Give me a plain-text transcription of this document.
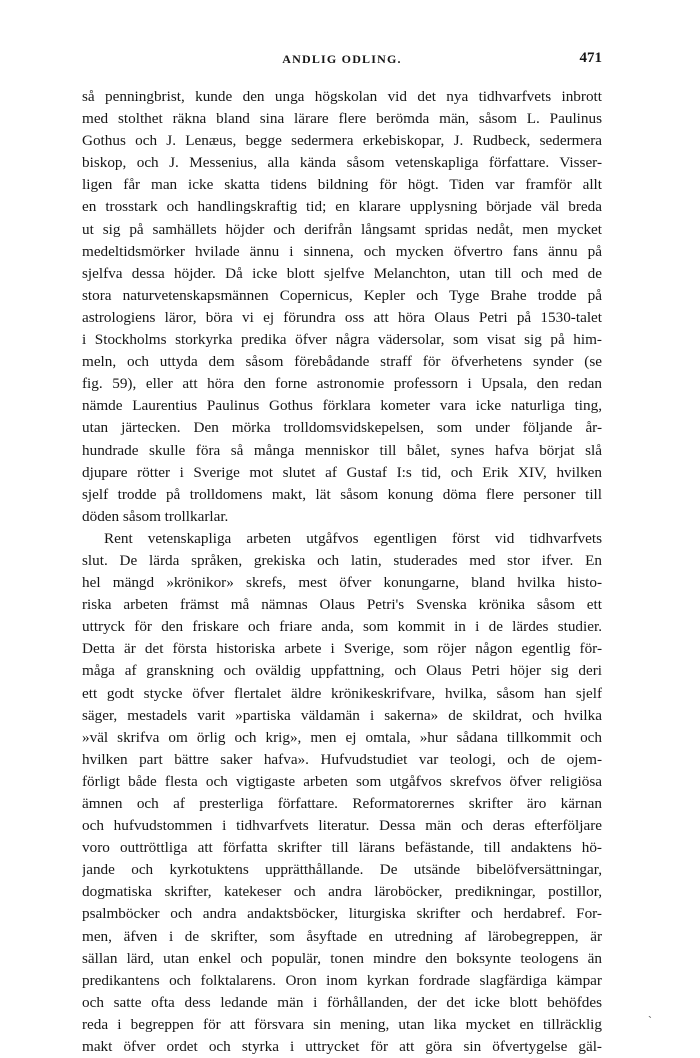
ANDLIG ODLING.	471
så penningbrist, kunde den unga högskolan vid det nya tidhvarfvets inbrott
med stolthet räkna bland sina lärare flere berömda män, såsom L. Paulinus
Gothus och J. Lenæus, begge sedermera erkebiskopar, J. Rudbeck, sedermera
biskop, och J. Messenius, alla kända såsom vetenskapliga författare. Visser-
ligen får man icke skatta tidens bildning för högt. Tiden var framför allt
en trosstark och handlingskraftig tid; en klarare upplysning började väl breda
ut sig på samhällets höjder och derifrån långsamt spridas nedåt, men mycket
medeltidsmörker hvilade ännu i sinnena, och mycken öfvertro fans ännu på
sjelfva dessa höjder. Då icke blott sjelfve Melanchton, utan till och med de
stora naturvetenskapsmännen Copernicus, Kepler och Tyge Brahe trodde på
astrologiens läror, böra vi ej förundra oss att höra Olaus Petri på 1530-talet
i Stockholms storkyrka predika öfver några vädersolar, som visat sig på him-
meln, och uttyda dem såsom förebådande straff för öfverhetens synder (se
fig. 59), eller att höra den forne astronomie professorn i Upsala, den redan
nämde Laurentius Paulinus Gothus förklara kometer vara icke naturliga ting,
utan järtecken. Den mörka trolldomsvidskepelsen, som under följande år-
hundrade skulle föra så många menniskor till bålet, synes hafva börjat slå
djupare rötter i Sverige mot slutet af Gustaf I:s tid, och Erik XIV, hvilken
sjelf trodde på trolldomens makt, lät såsom konung döma flere personer till
döden såsom trollkarlar.
Rent vetenskapliga arbeten utgåfvos egentligen först vid tidhvarfvets
slut. De lärda språken, grekiska och latin, studerades med stor ifver. En
hel mängd »krönikor» skrefs, mest öfver konungarne, bland hvilka histo-
riska arbeten främst må nämnas Olaus Petri's Svenska krönika såsom ett
uttryck för den friskare och friare anda, som kommit in i de lärdes studier.
Detta är det första historiska arbete i Sverige, som röjer någon egentlig för-
måga af granskning och oväldig uppfattning, och Olaus Petri höjer sig deri
ett godt stycke öfver flertalet äldre krönikeskrifvare, hvilka, såsom han sjelf
säger, mestadels varit »partiska väldamän i sakerna» de skildrat, och hvilka
»väl skrifva om örlig och krig», men ej omtala, »hur sådana tillkommit och
hvilken part bättre saker hafva». Hufvudstudiet var teologi, och de ojem-
förligt både flesta och vigtigaste arbeten som utgåfvos skrefvos öfver religiösa
ämnen och af presterliga författare. Reformatorernes skrifter äro kärnan
och hufvudstommen i tidhvarfvets literatur. Dessa män och deras efterföljare
voro outtröttliga att författa skrifter till lärans befästande, till andaktens hö-
jande och kyrkotuktens upprätthållande. De utsände bibelöfversättningar,
dogmatiska skrifter, katekeser och andra läroböcker, predikningar, postillor,
psalmböcker och andra andaktsböcker, liturgiska skrifter och herdabref. For-
men, äfven i de skrifter, som åsyftade en utredning af lärobegreppen, är
sällan lärd, utan enkel och populär, tonen mindre den boksynte teologens än
predikantens och folktalarens. Oron inom kyrkan fordrade slagfärdiga kämpar
och satte ofta dess ledande män i förhållanden, der det icke blott behöfdes
reda i begreppen för att försvara sin mening, utan lika mycket en tillräcklig
makt öfver ordet och styrka i uttrycket för att göra sin öfvertygelse gäl-
˴
